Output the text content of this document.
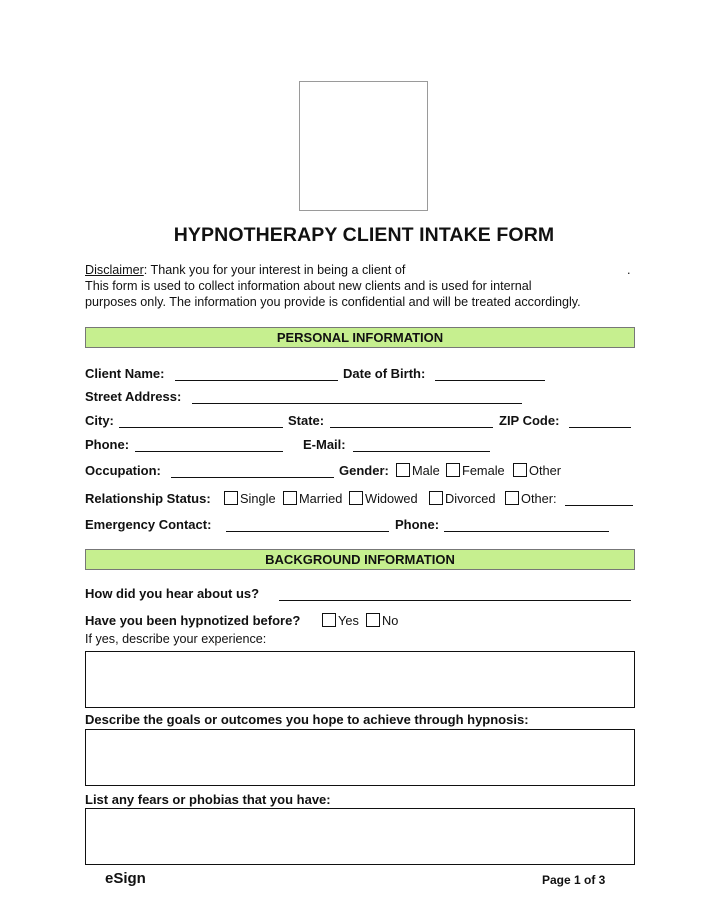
HYPNOTHERAPY CLIENT INTAKE FORM
Disclaimer: Thank you for your interest in being a client of	.
This form is used to collect information about new clients and is used for internal
purposes only. The information you provide is confidential and will be treated accordingly.
PERSONAL INFORMATION
Client Name:	Date of Birth:
Street Address:
City:	State:	ZIP Code:
Phone:	E-Mail:
Occupation:	Gender: Male Female Other
Relationship Status: Single Married Widowed Divorced Other:
Emergency Contact:	Phone:
BACKGROUND INFORMATION
How did you hear about us?
Have you been hypnotized before?	Yes No
If yes, describe your experience:
Describe the goals or outcomes you hope to achieve through hypnosis:
List any fears or phobias that you have:
eSign	Page 1 of 3
